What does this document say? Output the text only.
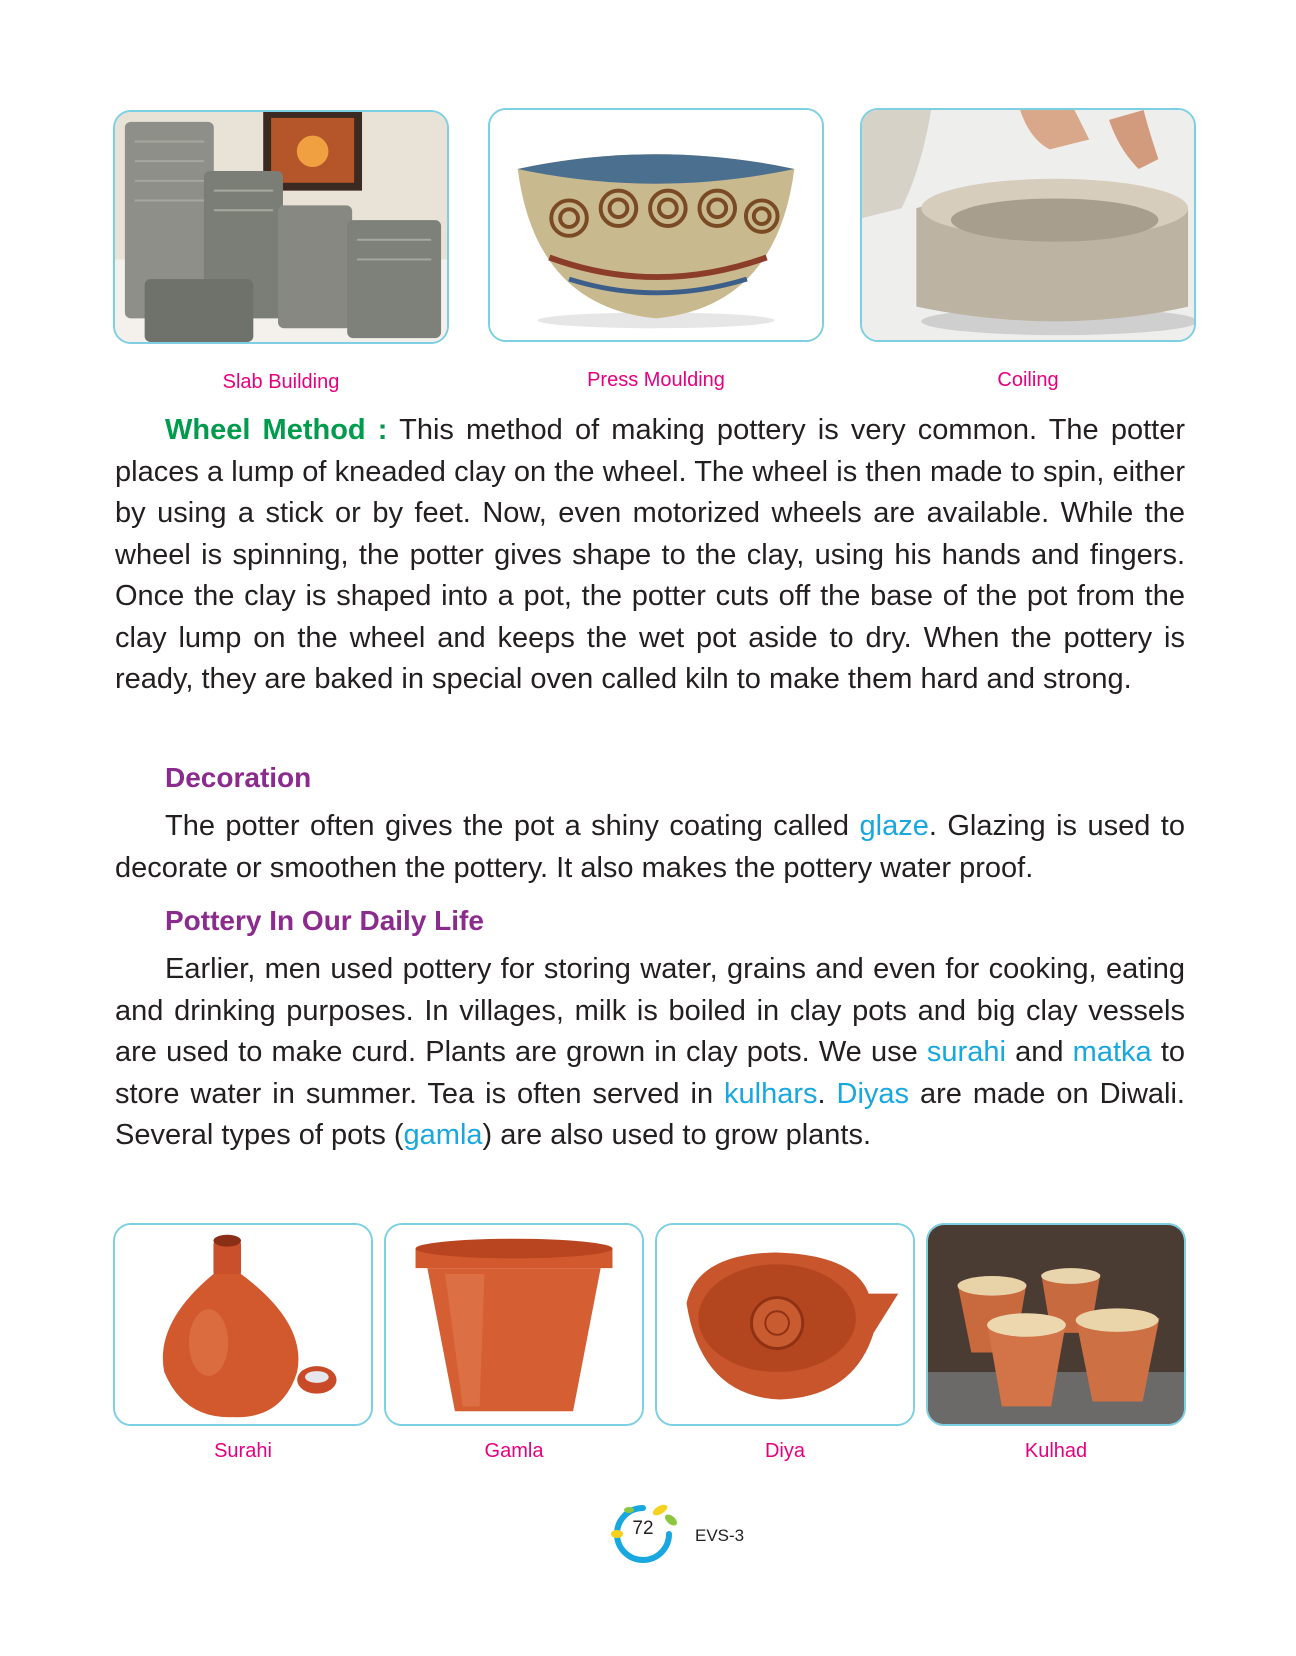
Slab Building	Press Moulding	Coiling

Wheel Method : This method of making pottery is very common. The potter places a lump of kneaded clay on the wheel. The wheel is then made to spin, either by using a stick or by feet. Now, even motorized wheels are available. While the wheel is spinning, the potter gives shape to the clay, using his hands and fingers. Once the clay is shaped into a pot, the potter cuts off the base of the pot from the clay lump on the wheel and keeps the wet pot aside to dry. When the pottery is ready, they are baked in special oven called kiln to make them hard and strong.

Decoration

The potter often gives the pot a shiny coating called glaze. Glazing is used to decorate or smoothen the pottery. It also makes the pottery water proof.

Pottery In Our Daily Life

Earlier, men used pottery for storing water, grains and even for cooking, eating and drinking purposes. In villages, milk is boiled in clay pots and big clay vessels are used to make curd. Plants are grown in clay pots. We use surahi and matka to store water in summer. Tea is often served in kulhars. Diyas are made on Diwali. Several types of pots (gamla) are also used to grow plants.

Surahi	Gamla	Diya	Kulhad
72	EVS-3
